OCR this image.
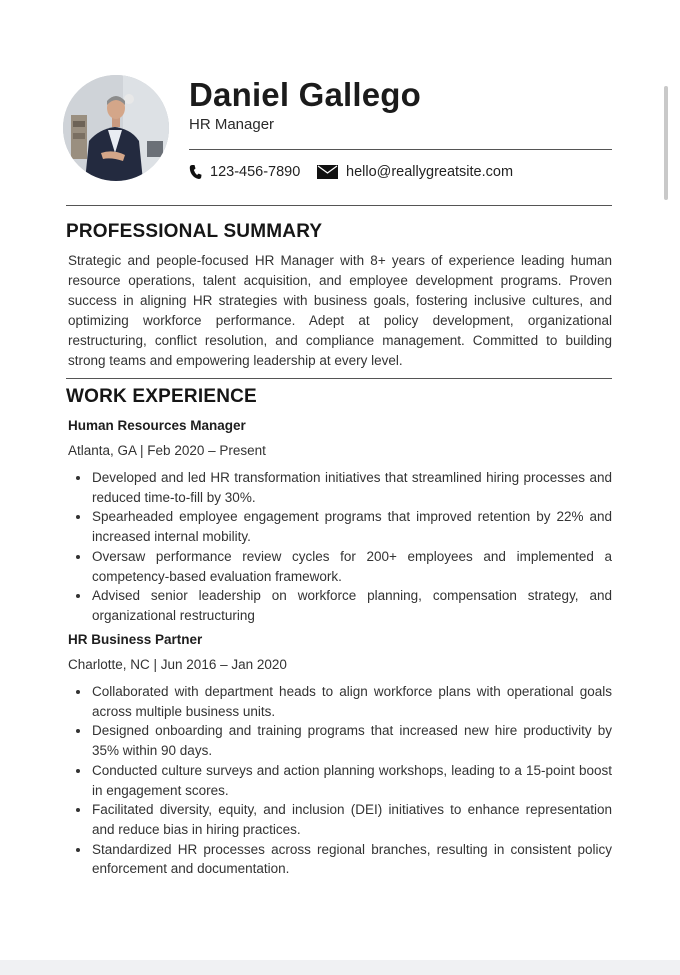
Daniel Gallego
HR Manager
123-456-7890	hello@reallygreatsite.com
PROFESSIONAL SUMMARY

Strategic and people-focused HR Manager with 8+ years of experience leading human resource operations, talent acquisition, and employee development programs. Proven success in aligning HR strategies with business goals, fostering inclusive cultures, and optimizing workforce performance. Adept at policy development, organizational restructuring, conflict resolution, and compliance management. Committed to building strong teams and empowering leadership at every level.

WORK EXPERIENCE
Human Resources Manager
Atlanta, GA | Feb 2020 – Present
Developed and led HR transformation initiatives that streamlined hiring processes and reduced time-to-fill by 30%.
Spearheaded employee engagement programs that improved retention by 22% and increased internal mobility.
Oversaw performance review cycles for 200+ employees and implemented a competency-based evaluation framework.
Advised senior leadership on workforce planning, compensation strategy, and organizational restructuring
HR Business Partner
Charlotte, NC | Jun 2016 – Jan 2020
Collaborated with department heads to align workforce plans with operational goals across multiple business units.
Designed onboarding and training programs that increased new hire productivity by 35% within 90 days.
Conducted culture surveys and action planning workshops, leading to a 15-point boost in engagement scores.
Facilitated diversity, equity, and inclusion (DEI) initiatives to enhance representation and reduce bias in hiring practices.
Standardized HR processes across regional branches, resulting in consistent policy enforcement and documentation.
